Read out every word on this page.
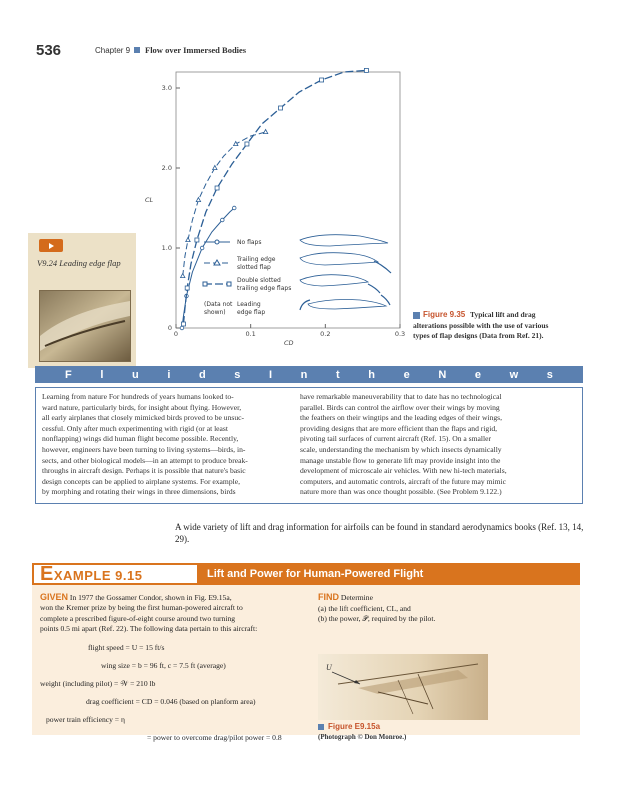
536	Chapter 9 Flow over Immersed Bodies
V9.24 Leading edge flap
0
1.0
2.0
3.0
0	0.1	0.2	0.3
CL
CD
No flaps
Trailing edge
slotted flap
Double slotted
trailing edge flaps
(Data not
shown)
Leading
edge flap	Figure 9.35 Typical lift and drag alterations possible with the use of various types of flap designs (Data from Ref. 21).
F	l	u	i	d	s	I	n	t	h	e	N	e	w	s
Learning from nature For hundreds of years humans looked to-
ward nature, particularly birds, for insight about flying. However,
all early airplanes that closely mimicked birds proved to be unsuc-
cessful. Only after much experimenting with rigid (or at least
nonflapping) wings did human flight become possible. Recently,
however, engineers have been turning to living systems—birds, in-
sects, and other biological models—in an attempt to produce break-
throughs in aircraft design. Perhaps it is possible that nature's basic
design concepts can be applied to airplane systems. For example,
by morphing and rotating their wings in three dimensions, birds
have remarkable maneuverability that to date has no technological
parallel. Birds can control the airflow over their wings by moving
the feathers on their wingtips and the leading edges of their wings,
providing designs that are more efficient than the flaps and rigid,
pivoting tail surfaces of current aircraft (Ref. 15). On a smaller
scale, understanding the mechanism by which insects dynamically
manage unstable flow to generate lift may provide insight into the
development of microscale air vehicles. With new hi-tech materials,
computers, and automatic controls, aircraft of the future may mimic
nature more than was once thought possible. (See Problem 9.122.)
A wide variety of lift and drag information for airfoils can be found in standard aerodynamics books (Ref. 13, 14, 29).
EXAMPLE 9.15	Lift and Power for Human-Powered Flight
GIVEN In 1977 the Gossamer Condor, shown in Fig. E9.15a,
won the Kremer prize by being the first human-powered aircraft to
complete a prescribed figure-of-eight course around two turning
points 0.5 mi apart (Ref. 22). The following data pertain to this aircraft:
flight speed = U = 15 ft/s
wing size = b = 96 ft, c = 7.5 ft (average)
weight (including pilot) = 𝒲 = 210 lb
drag coefficient = CD = 0.046 (based on planform area)
power train efficiency = η
= power to overcome drag/pilot power = 0.8
FIND Determine
(a) the lift coefficient, CL, and
(b) the power, 𝒫, required by the pilot.
U
Figure E9.15a
(Photograph © Don Monroe.)
